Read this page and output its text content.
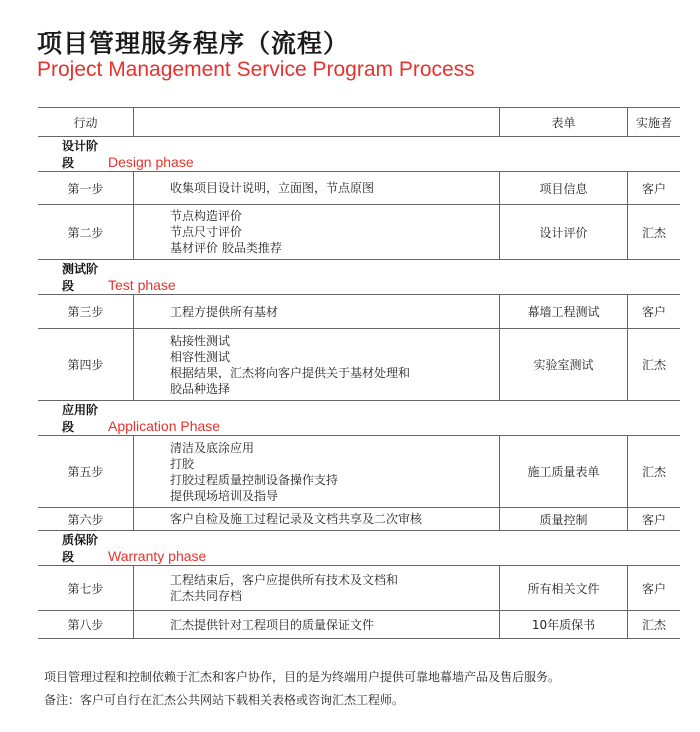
项目管理服务程序（流程）
Project Management Service Program Process
行动		表单	实施者
设计阶段 Design phase			
第一步	收集项目设计说明，立面图，节点原图	项目信息	客户
第二步	节点构造评价
节点尺寸评价
基材评价 胶品类推荐	设计评价	汇杰
测试阶段 Test phase			
第三步	工程方提供所有基材	幕墙工程测试	客户
第四步	粘接性测试
相容性测试
根据结果，汇杰将向客户提供关于基材处理和
胶品种选择	实验室测试	汇杰
应用阶段 Application Phase			
第五步	清洁及底涂应用
打胶
打胶过程质量控制设备操作支持
提供现场培训及指导	施工质量表单	汇杰
第六步	客户自检及施工过程记录及文档共享及二次审核	质量控制	客户
质保阶段 Warranty phase			
第七步	工程结束后，客户应提供所有技术及文档和
汇杰共同存档	所有相关文件	客户
第八步	汇杰提供针对工程项目的质量保证文件	10年质保书	汇杰
项目管理过程和控制依赖于汇杰和客户协作，目的是为终端用户提供可靠地幕墙产品及售后服务。
备注：客户可自行在汇杰公共网站下载相关表格或咨询汇杰工程师。
